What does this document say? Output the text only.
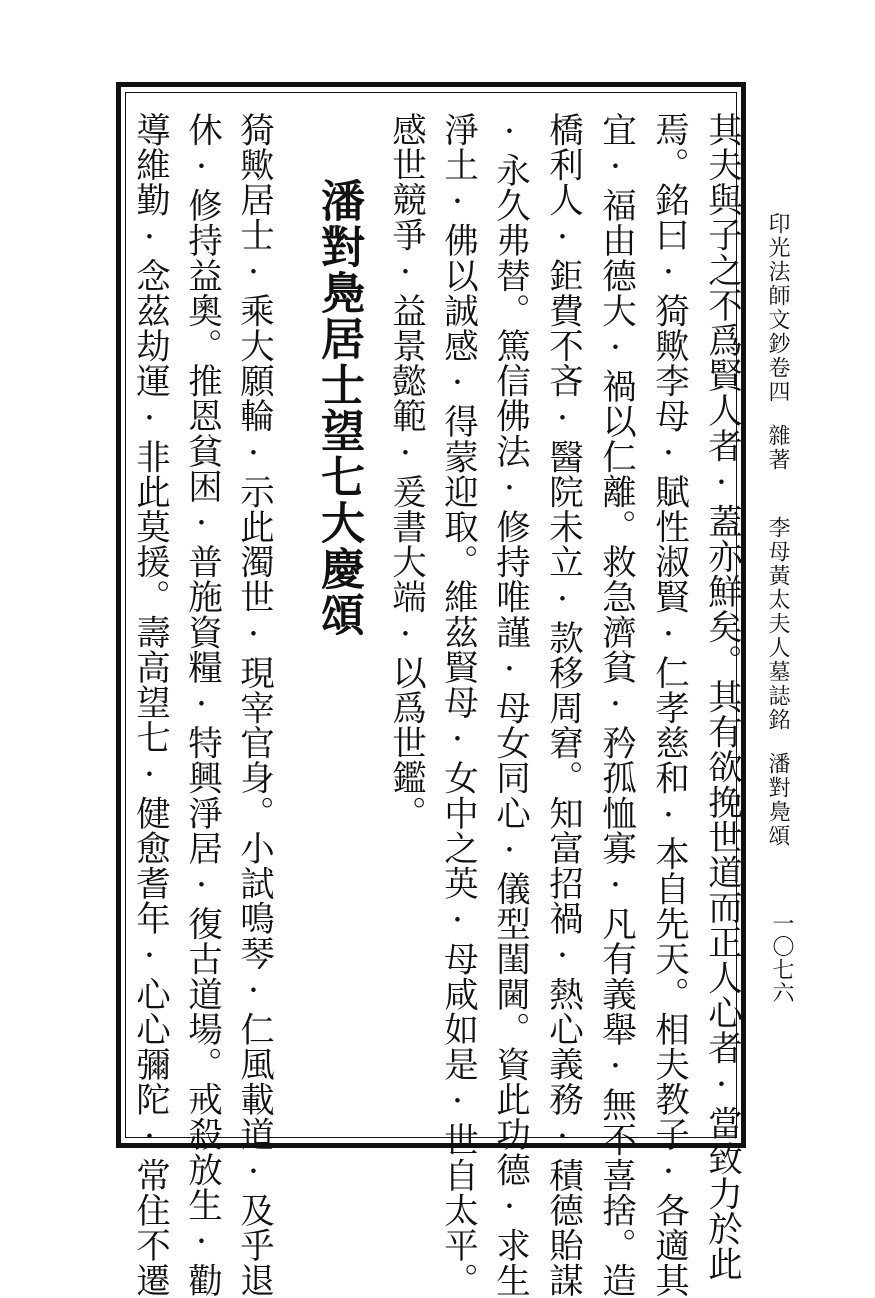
印光法師文鈔卷四雜著李母黃太夫人墓誌銘潘對鳧頌
一〇七六
其夫與子之不爲賢人者·蓋亦鮮矣。其有欲挽世道而正人心者·當致力於此
焉。銘曰·猗歟李母·賦性淑賢·仁孝慈和·本自先天。相夫教子·各適其
宜·福由德大·禍以仁離。救急濟貧·矜孤恤寡·凡有義舉·無不喜捨。造
橋利人·鉅費不吝·醫院未立·款移周窘。知富招禍·熱心義務·積德貽謀
·永久弗替。篤信佛法·修持唯謹·母女同心·儀型閨閫。資此功德·求生
淨土·佛以誠感·得蒙迎取。維茲賢母·女中之英·母咸如是·世自太平。
感世競爭·益景懿範·爰書大端·以爲世鑑。
潘對鳧居士望七大慶頌
猗歟居士·乘大願輪·示此濁世·現宰官身。小試鳴琴·仁風載道·及乎退
休·修持益奧。推恩貧困·普施資糧·特興淨居·復古道場。戒殺放生·勸
導維勤·念茲劫運·非此莫援。壽高望七·健愈耆年·心心彌陀·常住不遷
